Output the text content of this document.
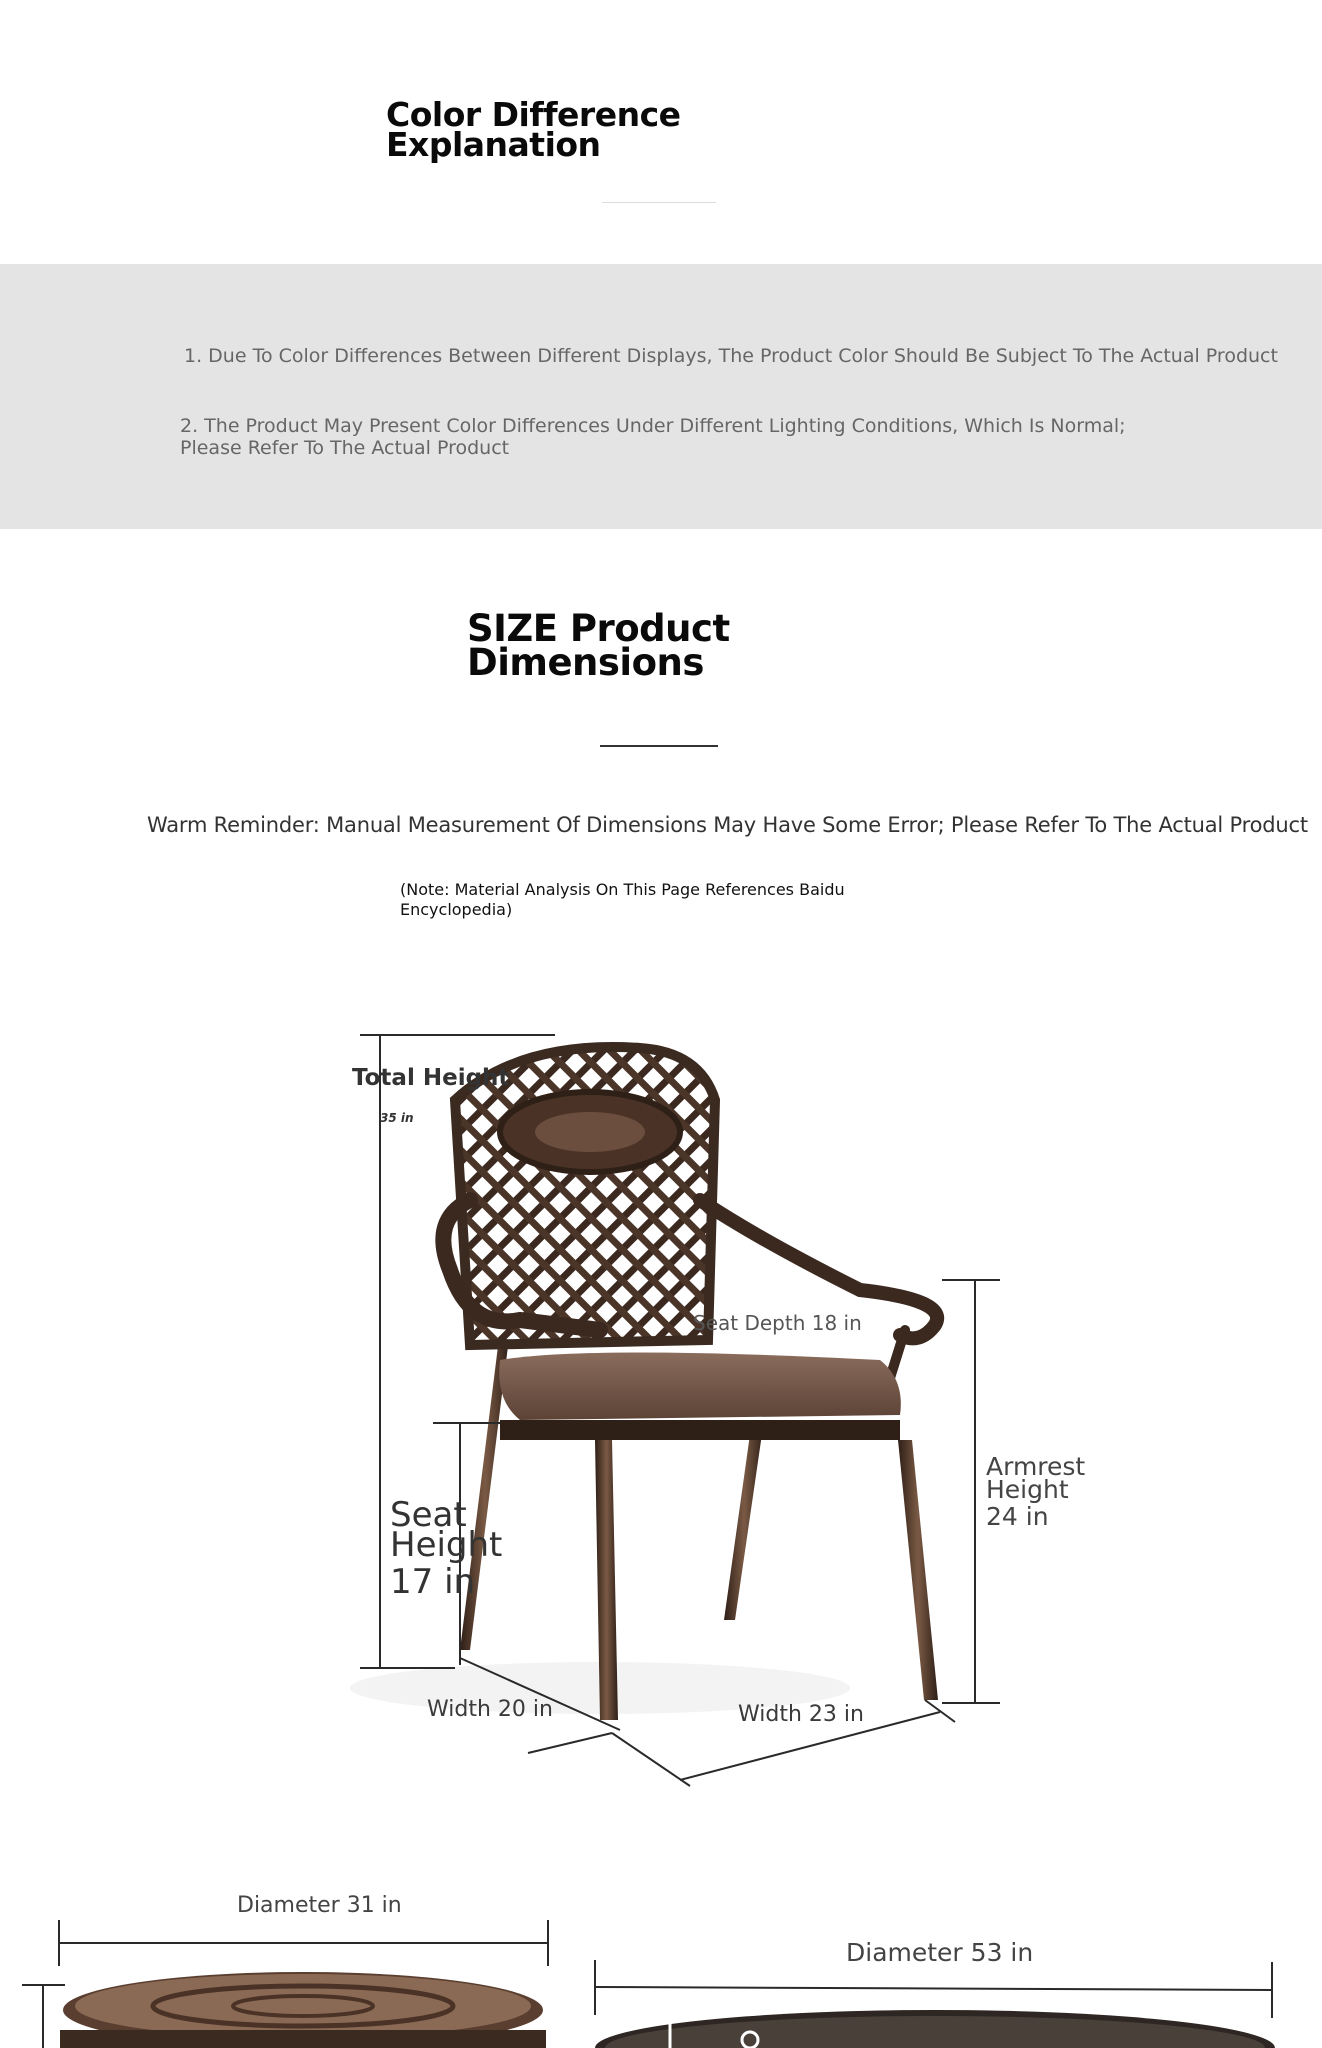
Color Difference
Explanation
1. Due To Color Differences Between Different Displays, The Product Color Should Be Subject To The Actual Product
2. The Product May Present Color Differences Under Different Lighting Conditions, Which Is Normal;
Please Refer To The Actual Product
SIZE Product
Dimensions
Warm Reminder: Manual Measurement Of Dimensions May Have Some Error; Please Refer To The Actual Product
(Note: Material Analysis On This Page References Baidu
Encyclopedia)
Total Height
35 in
Seat Depth 18 in
Armrest
Height
24 in
Seat
Height
17 in
Width 20 in	Width 23 in
Diameter 31 in
Diameter 53 in
